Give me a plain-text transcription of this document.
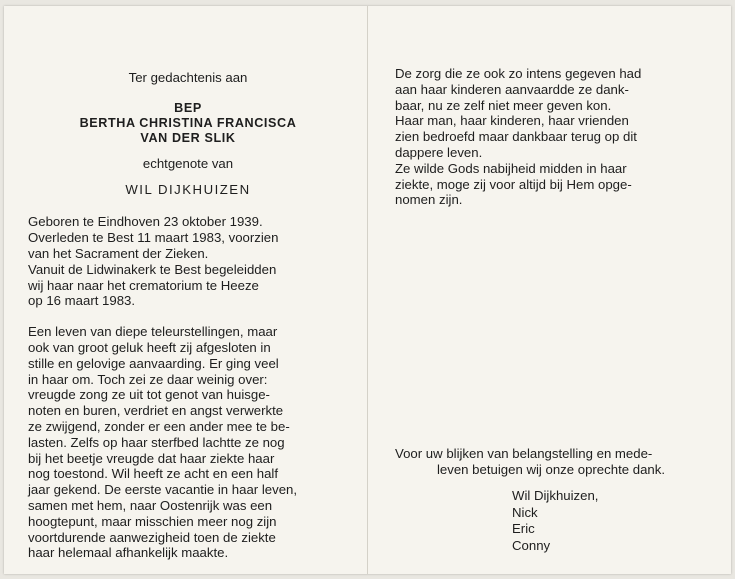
Ter gedachtenis aan

BEP

BERTHA CHRISTINA FRANCISCA

VAN DER SLIK

echtgenote van

WIL DIJKHUIZEN

Geboren te Eindhoven 23 oktober 1939.

Overleden te Best 11 maart 1983, voorzien

van het Sacrament der Zieken.

Vanuit de Lidwinakerk te Best begeleidden

wij haar naar het crematorium te Heeze

op 16 maart 1983.

Een leven van diepe teleurstellingen, maar

ook van groot geluk heeft zij afgesloten in

stille en gelovige aanvaarding. Er ging veel

in haar om. Toch zei ze daar weinig over:

vreugde zong ze uit tot genot van huisge-

noten en buren, verdriet en angst verwerkte

ze zwijgend, zonder er een ander mee te be-

lasten. Zelfs op haar sterfbed lachtte ze nog

bij het beetje vreugde dat haar ziekte haar

nog toestond. Wil heeft ze acht en een half

jaar gekend. De eerste vacantie in haar leven,

samen met hem, naar Oostenrijk was een

hoogtepunt, maar misschien meer nog zijn

voortdurende aanwezigheid toen de ziekte

haar helemaal afhankelijk maakte.

De zorg die ze ook zo intens gegeven had

aan haar kinderen aanvaardde ze dank-

baar, nu ze zelf niet meer geven kon.

Haar man, haar kinderen, haar vrienden

zien bedroefd maar dankbaar terug op dit

dappere leven.

Ze wilde Gods nabijheid midden in haar

ziekte, moge zij voor altijd bij Hem opge-

nomen zijn.

Voor uw blijken van belangstelling en mede-

leven betuigen wij onze oprechte dank.

Wil Dijkhuizen,

Nick

Eric

Conny
